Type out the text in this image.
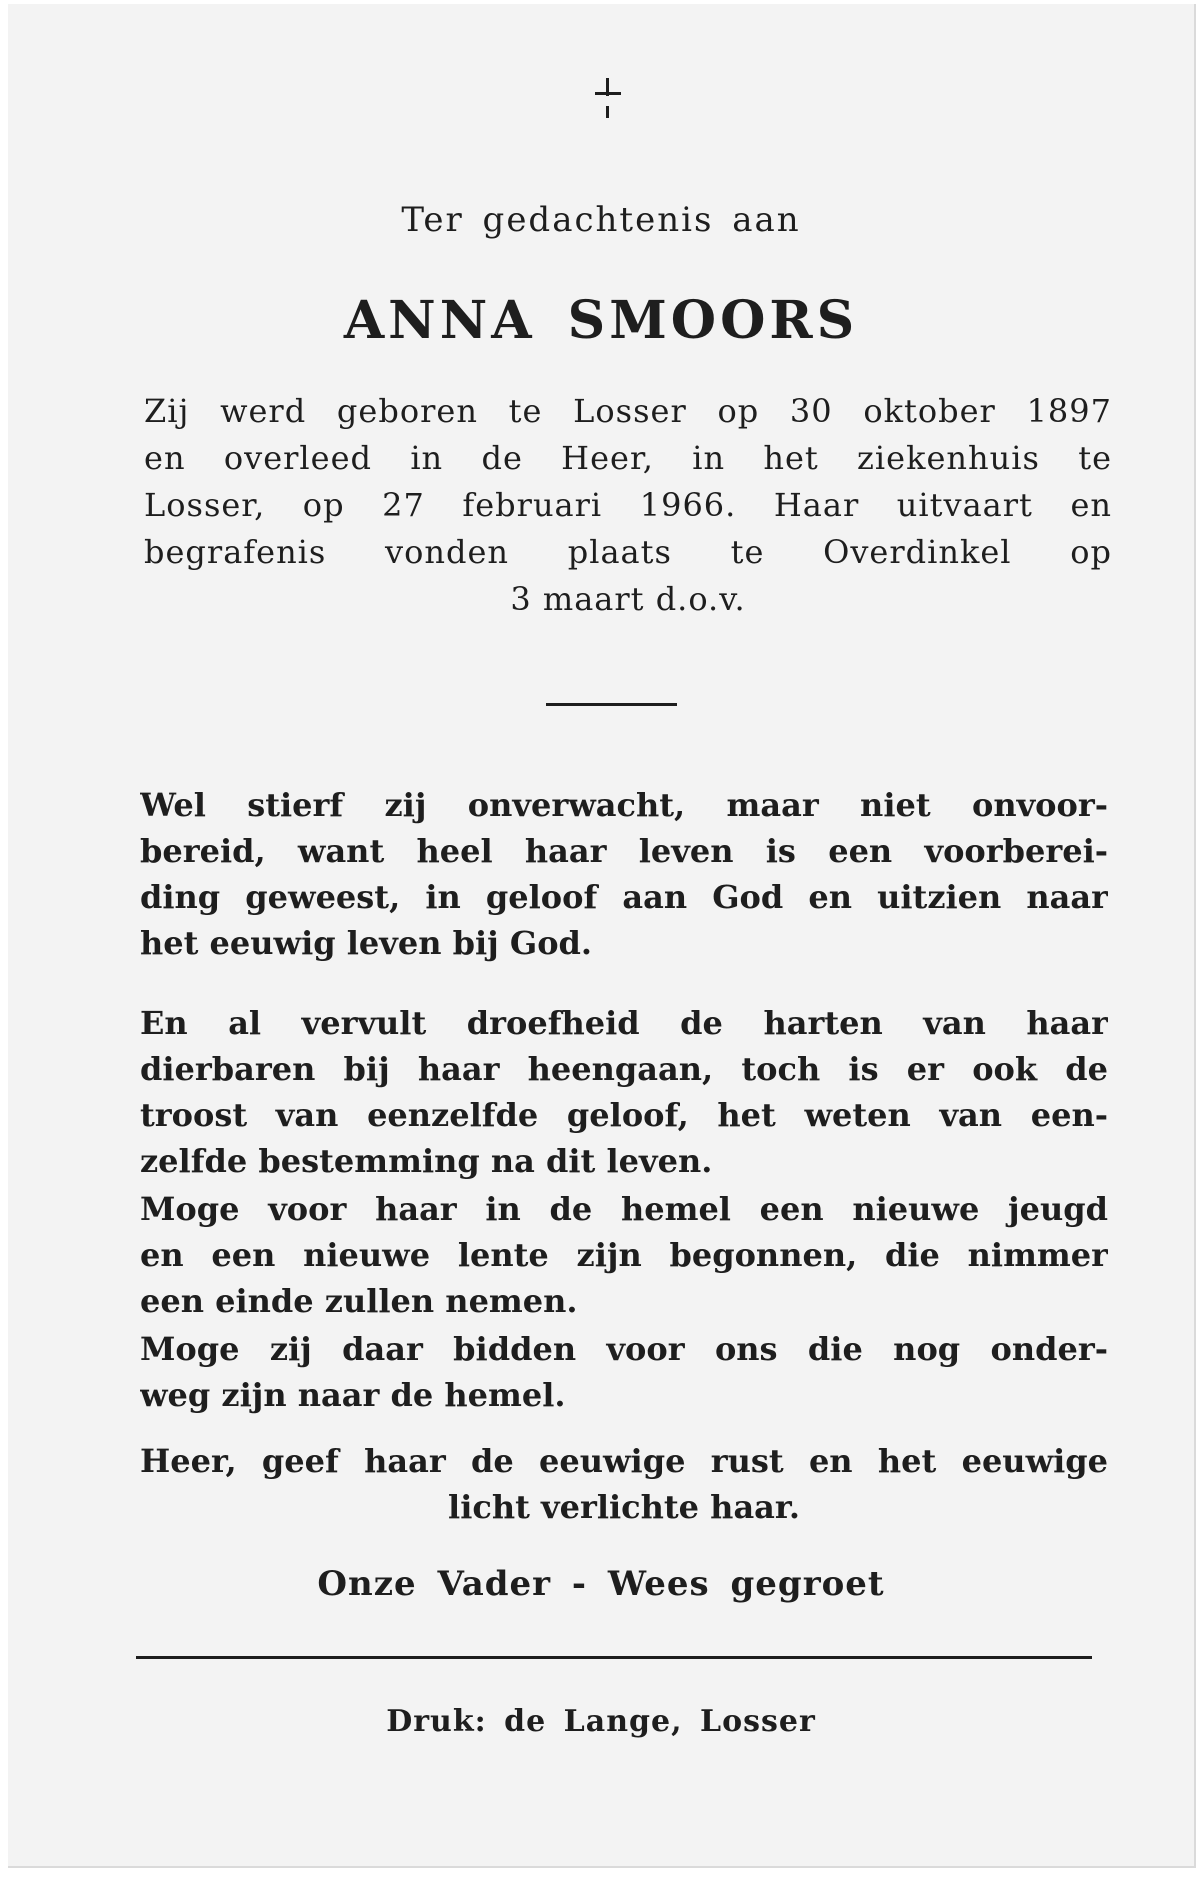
Ter gedachtenis aan
ANNA SMOORS
Zij werd geboren te Losser op 30 oktober 1897
en overleed in de Heer, in het ziekenhuis te
Losser, op 27 februari 1966. Haar uitvaart en
begrafenis vonden plaats te Overdinkel op
3 maart d.o.v.
Wel stierf zij onverwacht, maar niet onvoor-
bereid, want heel haar leven is een voorberei-
ding geweest, in geloof aan God en uitzien naar
het eeuwig leven bij God.
En al vervult droefheid de harten van haar
dierbaren bij haar heengaan, toch is er ook de
troost van eenzelfde geloof, het weten van een-
zelfde bestemming na dit leven.
Moge voor haar in de hemel een nieuwe jeugd
en een nieuwe lente zijn begonnen, die nimmer
een einde zullen nemen.
Moge zij daar bidden voor ons die nog onder-
weg zijn naar de hemel.
Heer, geef haar de eeuwige rust en het eeuwige
licht verlichte haar.
Onze Vader - Wees gegroet
Druk: de Lange, Losser
